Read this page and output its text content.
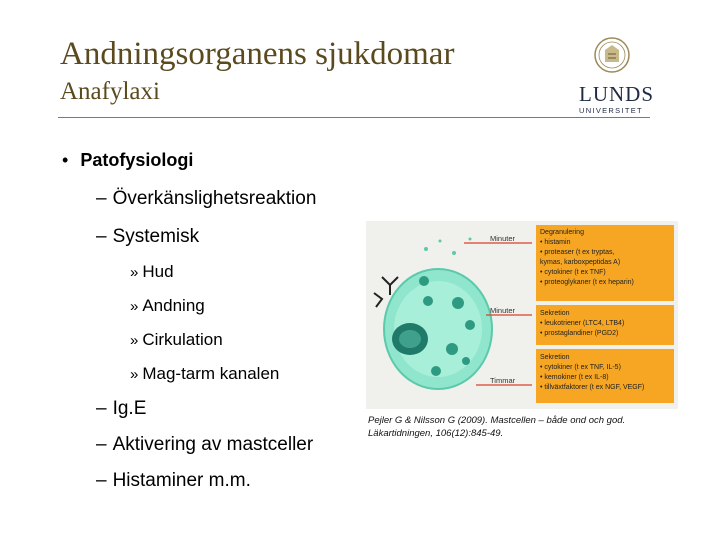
Andningsorganens sjukdomar
Anafylaxi	LUNDS
UNIVERSITET
• Patofysiologi
– Överkänslighetsreaktion
– Systemisk
» Hud
» Andning
» Cirkulation
» Mag-tarm kanalen
– Ig.E
– Aktivering av mastceller
– Histaminer m.m.
Minuter
Minuter
Timmar
Degranulering
• histamin
• proteaser (t ex tryptas,
kymas, karboxpeptidas A)
• cytokiner (t ex TNF)
• proteoglykaner (t ex heparin)
Sekretion
• leukotriener (LTC4, LTB4)
• prostaglandiner (PGD2)
Sekretion
• cytokiner (t ex TNF, IL-5)
• kemokiner (t ex IL-8)
• tillväxtfaktorer (t ex NGF, VEGF)
Pejler G & Nilsson G (2009). Mastcellen – både ond och god.
Läkartidningen, 106(12):845-49.
